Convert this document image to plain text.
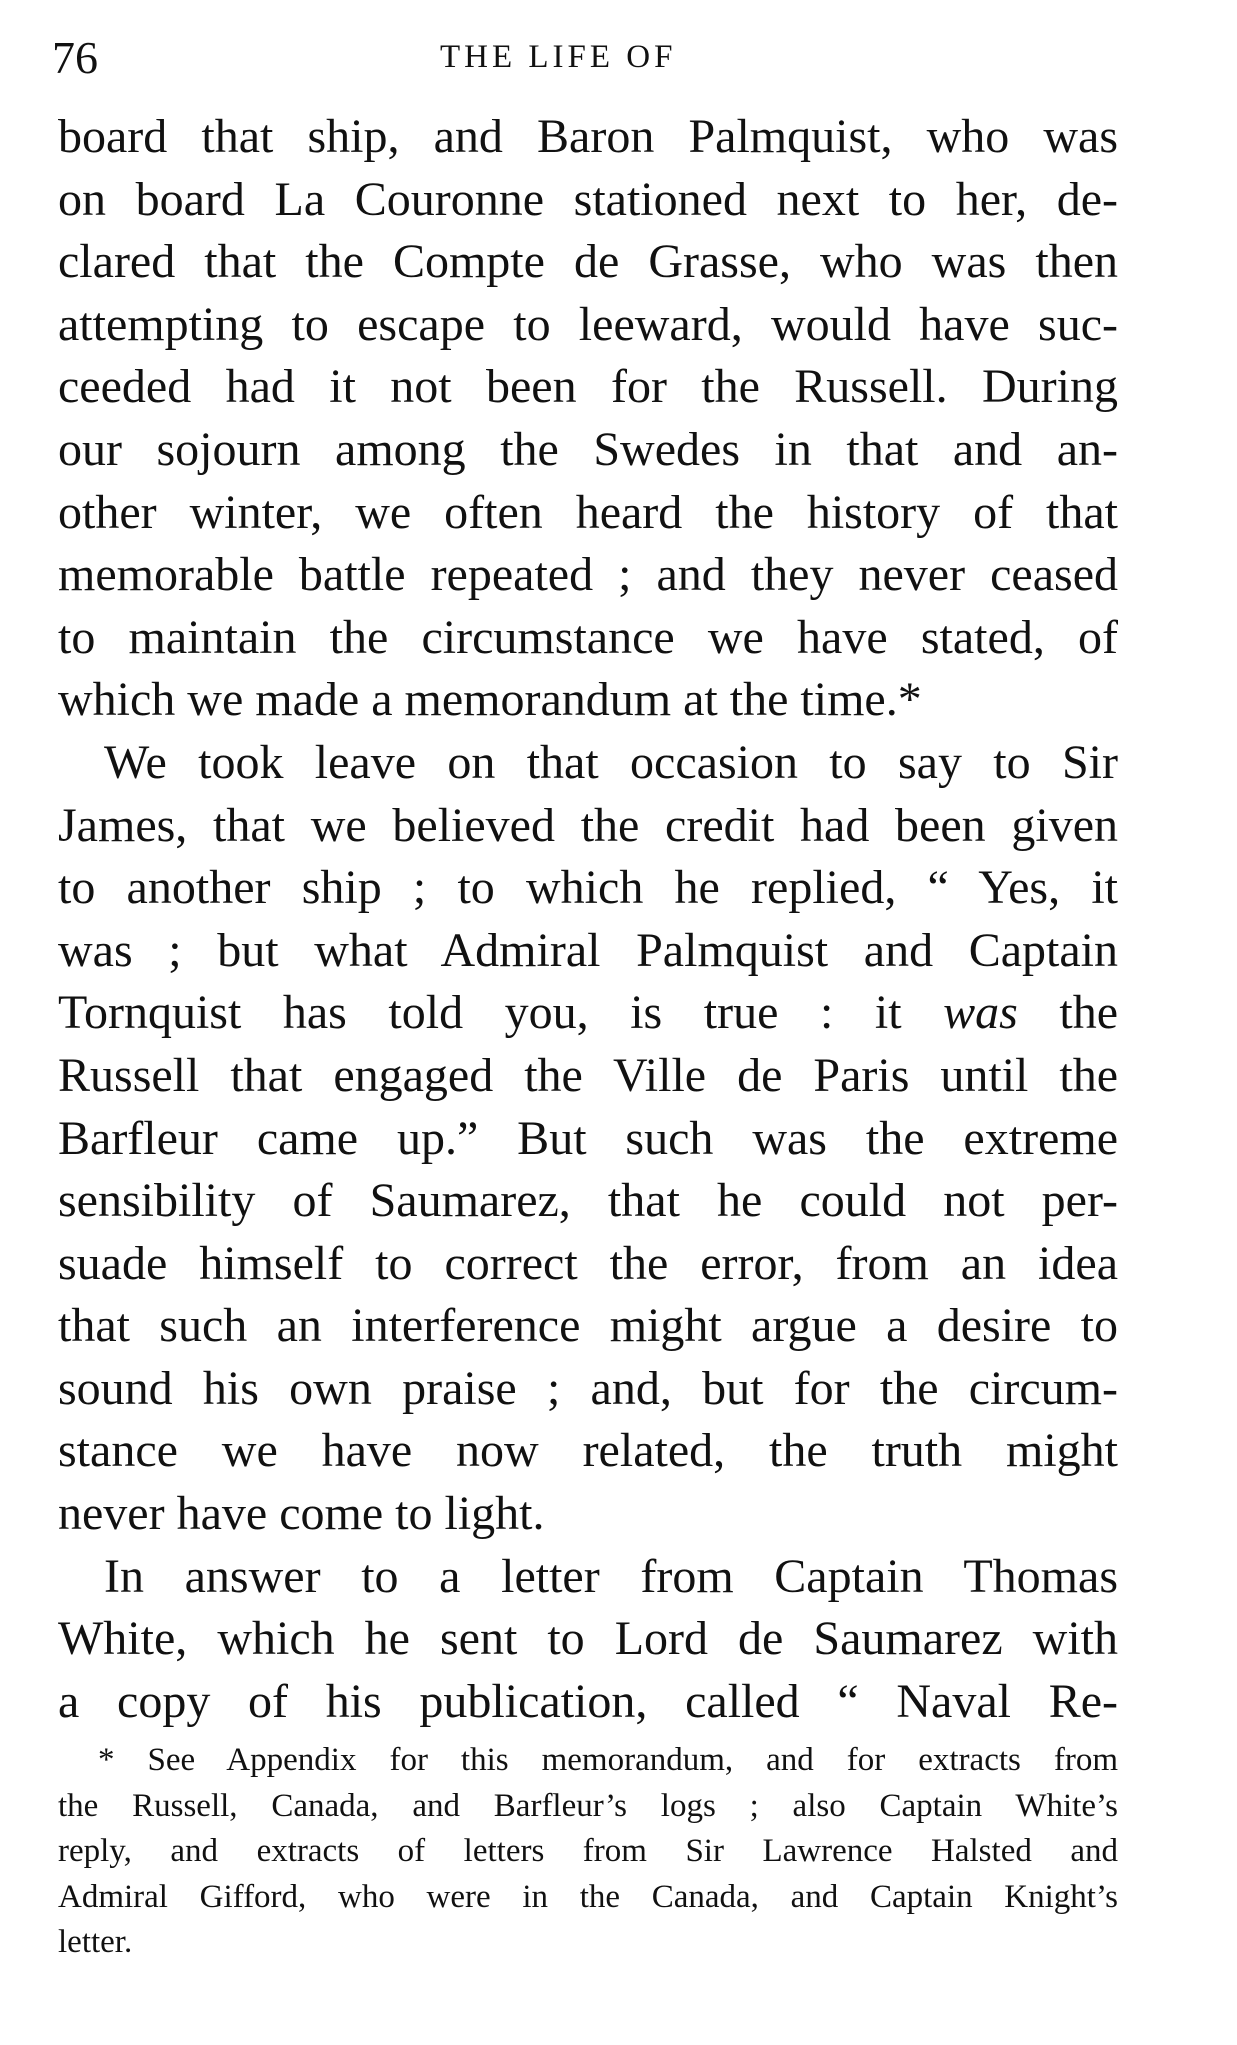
76	THE LIFE OF

board that ship, and Baron Palmquist, who was
on board La Couronne stationed next to her, de-
clared that the Compte de Grasse, who was then
attempting to escape to leeward, would have suc-
ceeded had it not been for the Russell. During
our sojourn among the Swedes in that and an-
other winter, we often heard the history of that
memorable battle repeated ; and they never ceased
to maintain the circumstance we have stated, of
which we made a memorandum at the time.*

We took leave on that occasion to say to Sir
James, that we believed the credit had been given
to another ship ; to which he replied, “ Yes, it
was ; but what Admiral Palmquist and Captain
Tornquist has told you, is true : it was the
Russell that engaged the Ville de Paris until the
Barfleur came up.” But such was the extreme
sensibility of Saumarez, that he could not per-
suade himself to correct the error, from an idea
that such an interference might argue a desire to
sound his own praise ; and, but for the circum-
stance we have now related, the truth might
never have come to light.

In answer to a letter from Captain Thomas
White, which he sent to Lord de Saumarez with
a copy of his publication, called “ Naval Re-

* See Appendix for this memorandum, and for extracts from
the Russell, Canada, and Barfleur’s logs ; also Captain White’s
reply, and extracts of letters from Sir Lawrence Halsted and
Admiral Gifford, who were in the Canada, and Captain Knight’s
letter.
